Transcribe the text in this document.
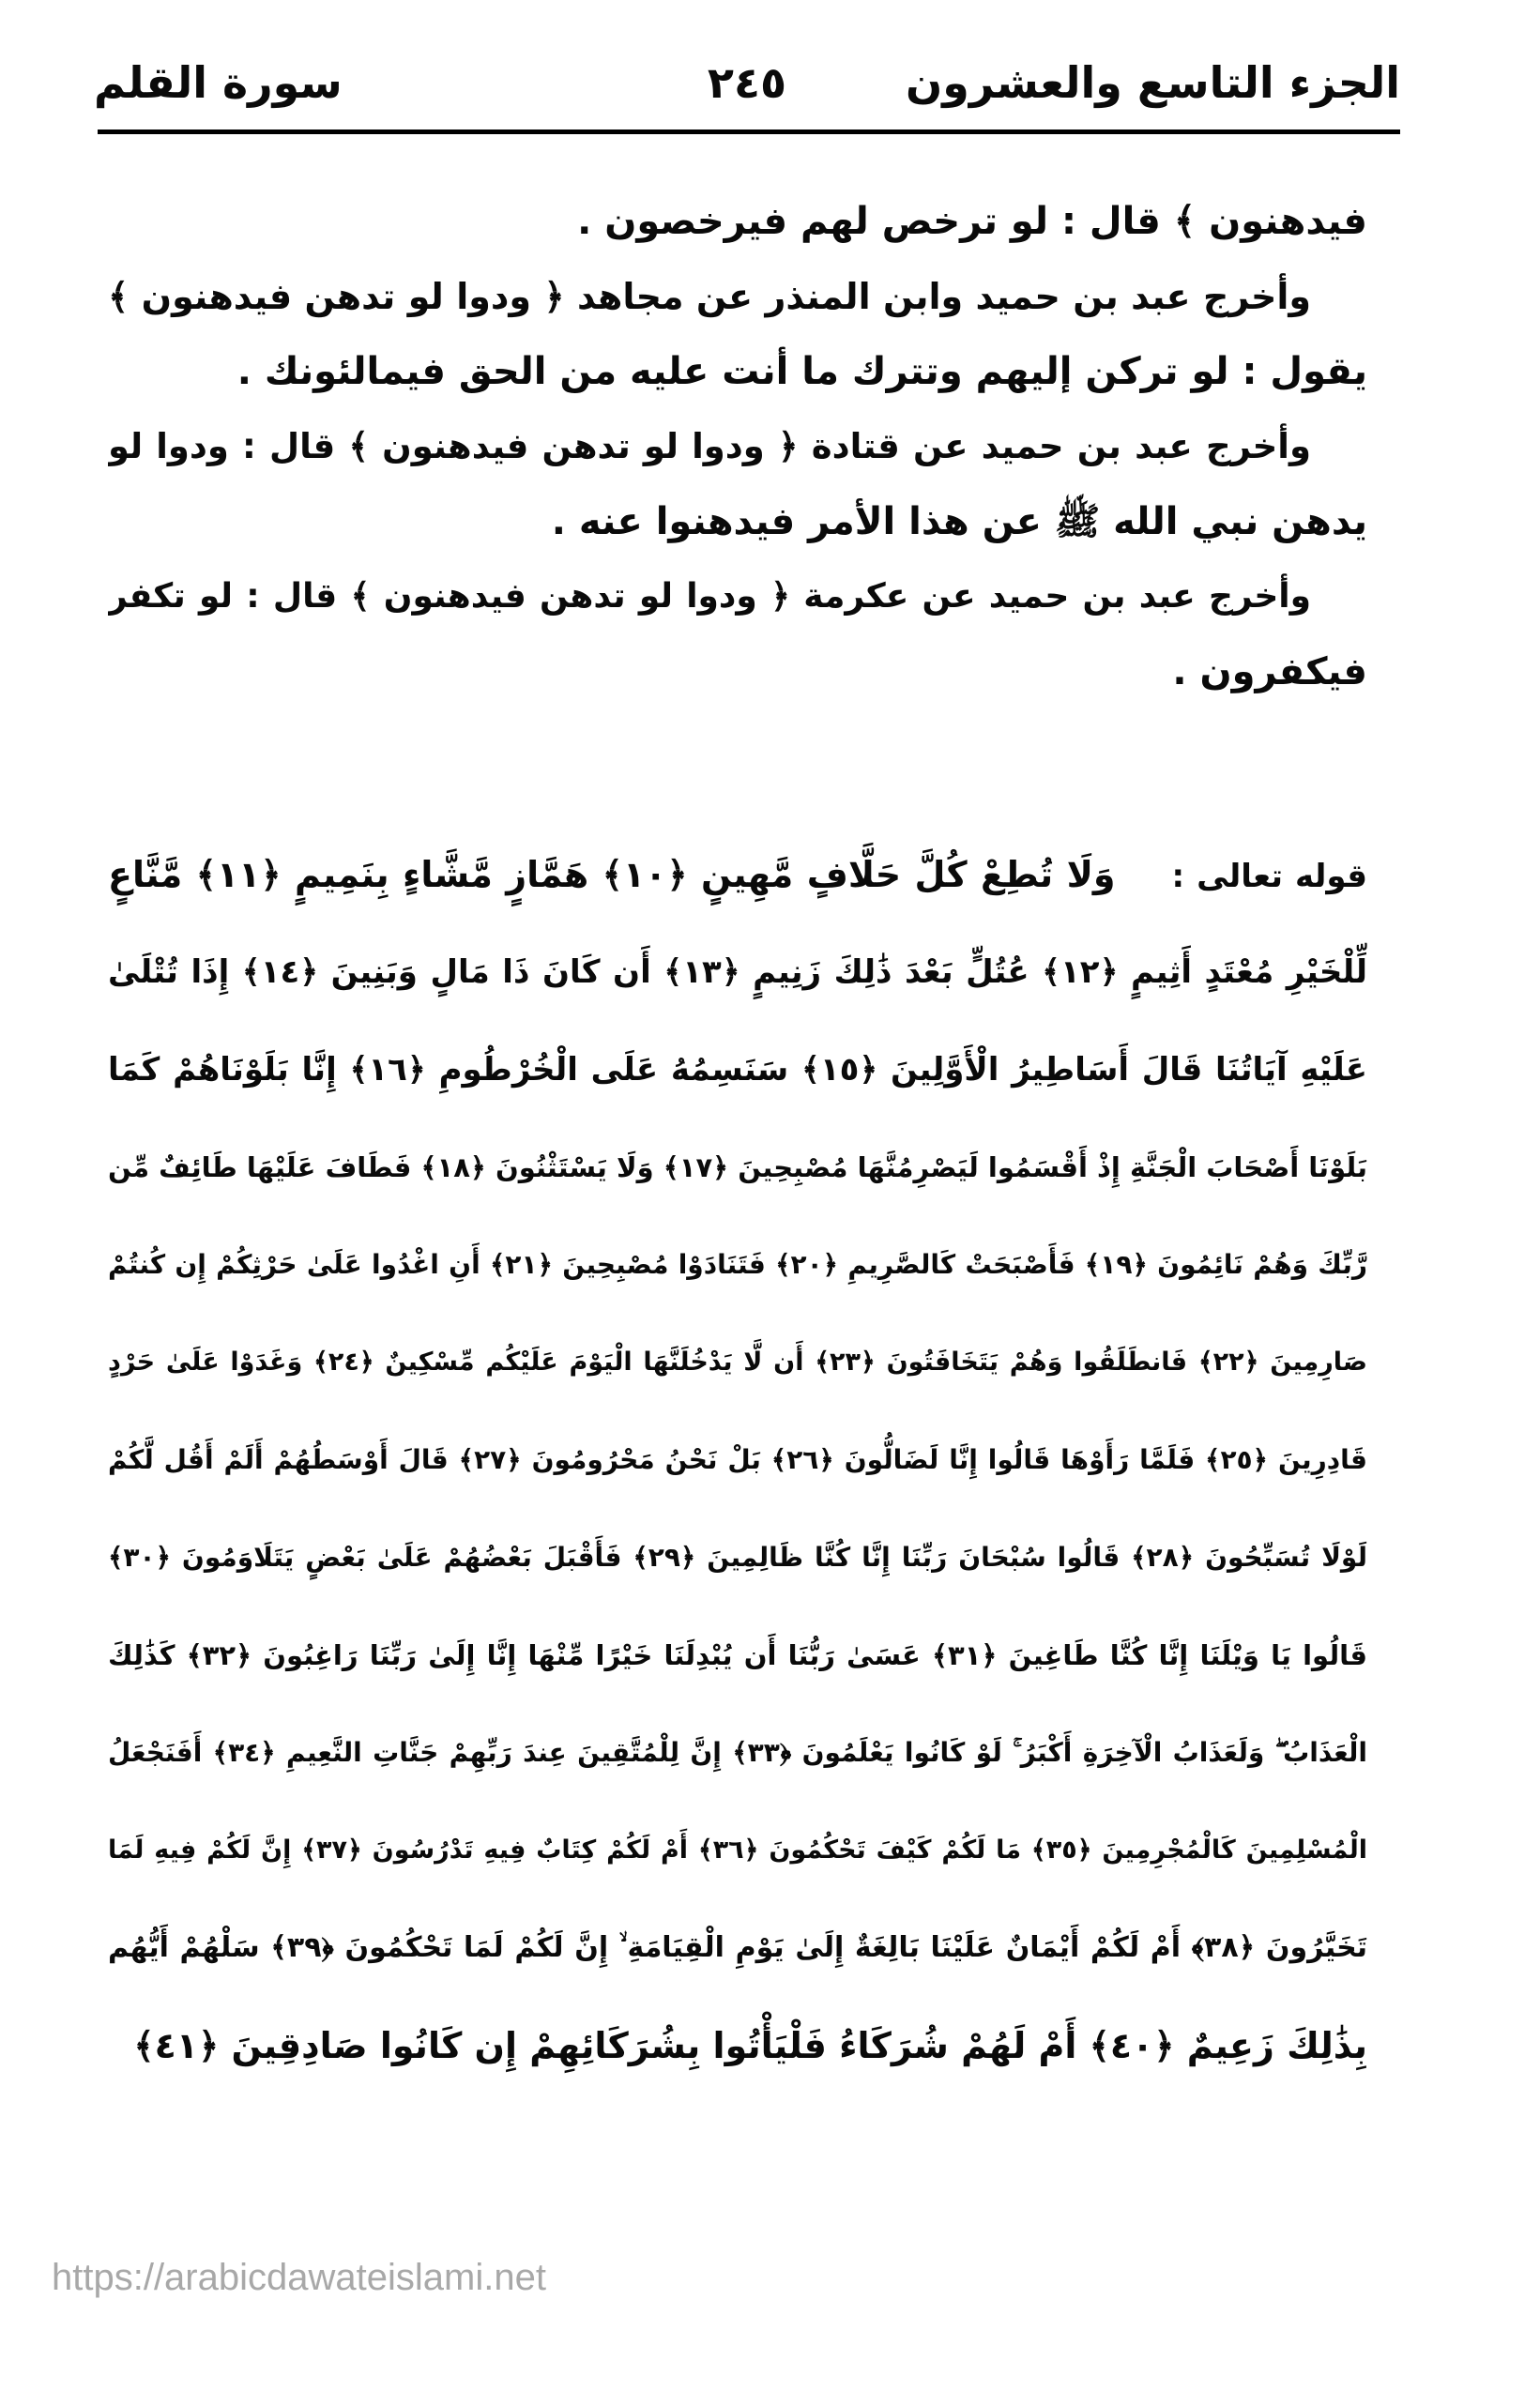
الجزء التاسع والعشرون
٢٤٥
سورة القلم
فيدهنون ﴾ قال : لو ترخص لهم فيرخصون .
وأخرج عبد بن حميد وابن المنذر عن مجاهد ﴿ ودوا لو تدهن فيدهنون ﴾
يقول : لو تركن إليهم وتترك ما أنت عليه من الحق فيمالئونك .
وأخرج عبد بن حميد عن قتادة ﴿ ودوا لو تدهن فيدهنون ﴾ قال : ودوا لو
يدهن نبي الله ﷺ عن هذا الأمر فيدهنوا عنه .
وأخرج عبد بن حميد عن عكرمة ﴿ ودوا لو تدهن فيدهنون ﴾ قال : لو تكفر
فيكفرون .
قوله تعالى :وَلَا تُطِعْ كُلَّ حَلَّافٍ مَّهِينٍ ﴿١٠﴾ هَمَّازٍ مَّشَّاءٍ بِنَمِيمٍ ﴿١١﴾ مَّنَّاعٍ
لِّلْخَيْرِ مُعْتَدٍ أَثِيمٍ ﴿١٢﴾ عُتُلٍّ بَعْدَ ذَٰلِكَ زَنِيمٍ ﴿١٣﴾ أَن كَانَ ذَا مَالٍ وَبَنِينَ ﴿١٤﴾ إِذَا تُتْلَىٰ
عَلَيْهِ آيَاتُنَا قَالَ أَسَاطِيرُ الْأَوَّلِينَ ﴿١٥﴾ سَنَسِمُهُ عَلَى الْخُرْطُومِ ﴿١٦﴾ إِنَّا بَلَوْنَاهُمْ كَمَا
بَلَوْنَا أَصْحَابَ الْجَنَّةِ إِذْ أَقْسَمُوا لَيَصْرِمُنَّهَا مُصْبِحِينَ ﴿١٧﴾ وَلَا يَسْتَثْنُونَ ﴿١٨﴾ فَطَافَ عَلَيْهَا طَائِفٌ مِّن
رَّبِّكَ وَهُمْ نَائِمُونَ ﴿١٩﴾ فَأَصْبَحَتْ كَالصَّرِيمِ ﴿٢٠﴾ فَتَنَادَوْا مُصْبِحِينَ ﴿٢١﴾ أَنِ اغْدُوا عَلَىٰ حَرْثِكُمْ إِن كُنتُمْ
صَارِمِينَ ﴿٢٢﴾ فَانطَلَقُوا وَهُمْ يَتَخَافَتُونَ ﴿٢٣﴾ أَن لَّا يَدْخُلَنَّهَا الْيَوْمَ عَلَيْكُم مِّسْكِينٌ ﴿٢٤﴾ وَغَدَوْا عَلَىٰ حَرْدٍ
قَادِرِينَ ﴿٢٥﴾ فَلَمَّا رَأَوْهَا قَالُوا إِنَّا لَضَالُّونَ ﴿٢٦﴾ بَلْ نَحْنُ مَحْرُومُونَ ﴿٢٧﴾ قَالَ أَوْسَطُهُمْ أَلَمْ أَقُل لَّكُمْ
لَوْلَا تُسَبِّحُونَ ﴿٢٨﴾ قَالُوا سُبْحَانَ رَبِّنَا إِنَّا كُنَّا ظَالِمِينَ ﴿٢٩﴾ فَأَقْبَلَ بَعْضُهُمْ عَلَىٰ بَعْضٍ يَتَلَاوَمُونَ ﴿٣٠﴾
قَالُوا يَا وَيْلَنَا إِنَّا كُنَّا طَاغِينَ ﴿٣١﴾ عَسَىٰ رَبُّنَا أَن يُبْدِلَنَا خَيْرًا مِّنْهَا إِنَّا إِلَىٰ رَبِّنَا رَاغِبُونَ ﴿٣٢﴾ كَذَٰلِكَ
الْعَذَابُ ۖ وَلَعَذَابُ الْآخِرَةِ أَكْبَرُ ۚ لَوْ كَانُوا يَعْلَمُونَ ﴿٣٣﴾ إِنَّ لِلْمُتَّقِينَ عِندَ رَبِّهِمْ جَنَّاتِ النَّعِيمِ ﴿٣٤﴾ أَفَنَجْعَلُ
الْمُسْلِمِينَ كَالْمُجْرِمِينَ ﴿٣٥﴾ مَا لَكُمْ كَيْفَ تَحْكُمُونَ ﴿٣٦﴾ أَمْ لَكُمْ كِتَابٌ فِيهِ تَدْرُسُونَ ﴿٣٧﴾ إِنَّ لَكُمْ فِيهِ لَمَا
تَخَيَّرُونَ ﴿٣٨﴾ أَمْ لَكُمْ أَيْمَانٌ عَلَيْنَا بَالِغَةٌ إِلَىٰ يَوْمِ الْقِيَامَةِ ۙ إِنَّ لَكُمْ لَمَا تَحْكُمُونَ ﴿٣٩﴾ سَلْهُمْ أَيُّهُم
بِذَٰلِكَ زَعِيمٌ ﴿٤٠﴾ أَمْ لَهُمْ شُرَكَاءُ فَلْيَأْتُوا بِشُرَكَائِهِمْ إِن كَانُوا صَادِقِينَ ﴿٤١﴾
https://arabicdawateislami.net
